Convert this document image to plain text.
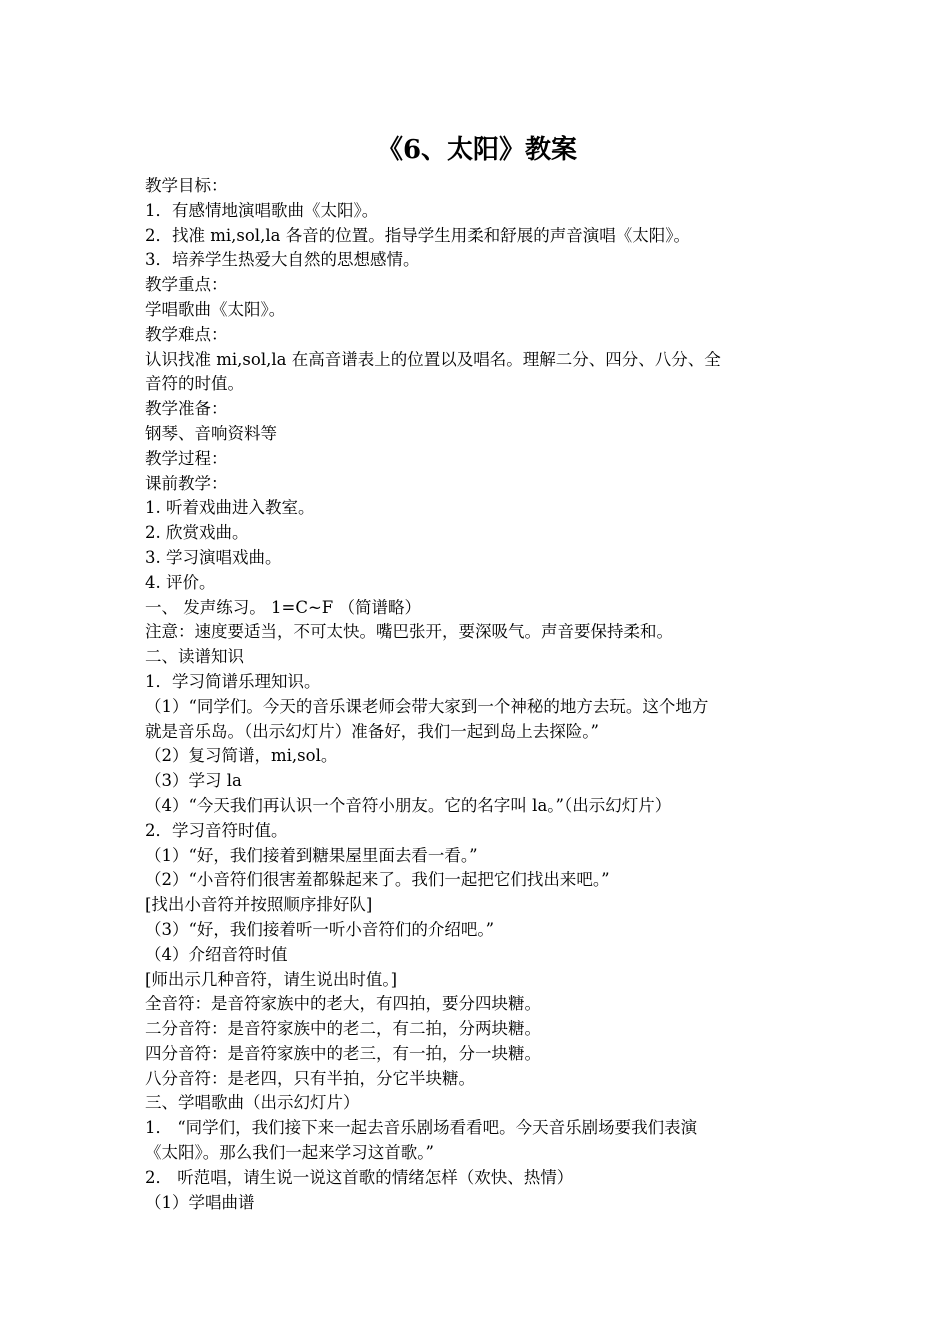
《6、太阳》教案
教学目标：
1．有感情地演唱歌曲《太阳》。
2．找准 mi,sol,la 各音的位置。指导学生用柔和舒展的声音演唱《太阳》。
3．培养学生热爱大自然的思想感情。
教学重点：
学唱歌曲《太阳》。
教学难点：
认识找准 mi,sol,la 在高音谱表上的位置以及唱名。理解二分、四分、八分、全
音符的时值。
教学准备：
钢琴、音响资料等
教学过程：
课前教学：
1. 听着戏曲进入教室。
2. 欣赏戏曲。
3. 学习演唱戏曲。
4. 评价。
一、 发声练习。 1=C~F （简谱略）
注意：速度要适当，不可太快。嘴巴张开，要深吸气。声音要保持柔和。
二、读谱知识
1．学习简谱乐理知识。
（1）“同学们。今天的音乐课老师会带大家到一个神秘的地方去玩。这个地方
就是音乐岛。（出示幻灯片）准备好，我们一起到岛上去探险。”
（2）复习简谱，mi,sol。
（3）学习 la
（4）“今天我们再认识一个音符小朋友。它的名字叫 la。”（出示幻灯片）
2．学习音符时值。
（1）“好，我们接着到糖果屋里面去看一看。”
（2）“小音符们很害羞都躲起来了。我们一起把它们找出来吧。”
[找出小音符并按照顺序排好队]
（3）“好，我们接着听一听小音符们的介绍吧。”
（4）介绍音符时值
[师出示几种音符，请生说出时值。]
全音符：是音符家族中的老大，有四拍，要分四块糖。
二分音符：是音符家族中的老二，有二拍，分两块糖。
四分音符：是音符家族中的老三，有一拍，分一块糖。
八分音符：是老四，只有半拍，分它半块糖。
三、学唱歌曲（出示幻灯片）
1． “同学们，我们接下来一起去音乐剧场看看吧。今天音乐剧场要我们表演
《太阳》。那么我们一起来学习这首歌。”
2． 听范唱，请生说一说这首歌的情绪怎样（欢快、热情）
（1）学唱曲谱
